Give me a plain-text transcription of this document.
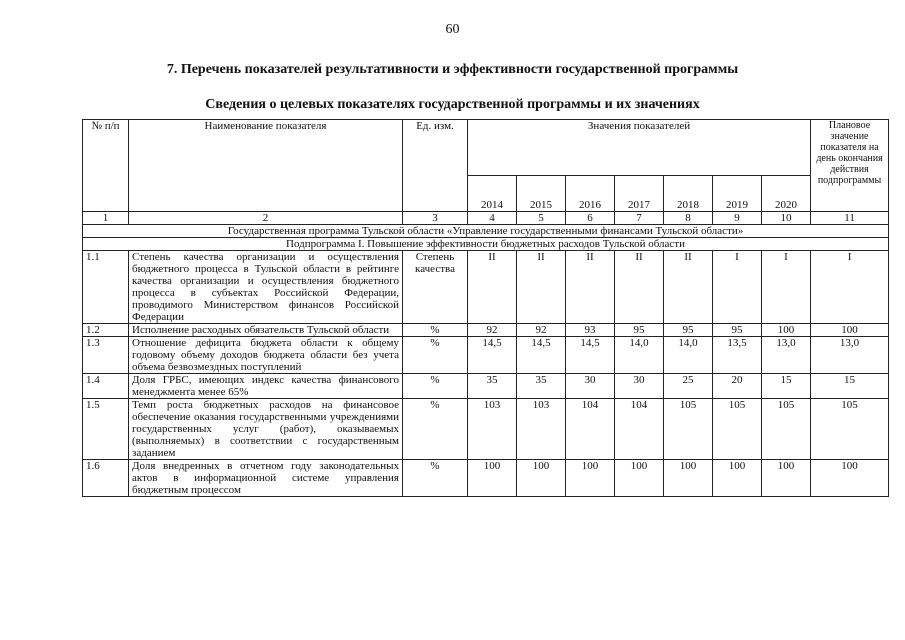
60
7. Перечень показателей результативности и эффективности государственной программы
Сведения о целевых показателях государственной программы и их значениях
№ п/п	Наименование показателя	Ед. изм.	Значения показателей							Плановое значение показателя на день окончания действия подпрограммы
			2014	2015	2016	2017	2018	2019	2020	
1	2	3	4	5	6	7	8	9	10	11
Государственная программа Тульской области «Управление государственными финансами Тульской области»										
Подпрограмма I. Повышение эффективности бюджетных расходов Тульской области										
1.1	Степень качества организации и осуществления бюджетного процесса в Тульской области в рейтинге качества организации и осуществления бюджетного процесса в субъектах Российской Федерации, проводимого Министерством финансов Российской Федерации	Степень качества	II	II	II	II	II	I	I	I
1.2	Исполнение расходных обязательств Тульской области	%	92	92	93	95	95	95	100	100
1.3	Отношение дефицита бюджета области к общему годовому объему доходов бюджета области без учета объема безвозмездных поступлений	%	14,5	14,5	14,5	14,0	14,0	13,5	13,0	13,0
1.4	Доля ГРБС, имеющих индекс качества финансового менеджмента менее 65%	%	35	35	30	30	25	20	15	15
1.5	Темп роста бюджетных расходов на финансовое обеспечение оказания государственными учреждениями государственных услуг (работ), оказываемых (выполняемых) в соответствии с государственным заданием	%	103	103	104	104	105	105	105	105
1.6	Доля внедренных в отчетном году законодательных актов в информационной системе управления бюджетным процессом	%	100	100	100	100	100	100	100	100
